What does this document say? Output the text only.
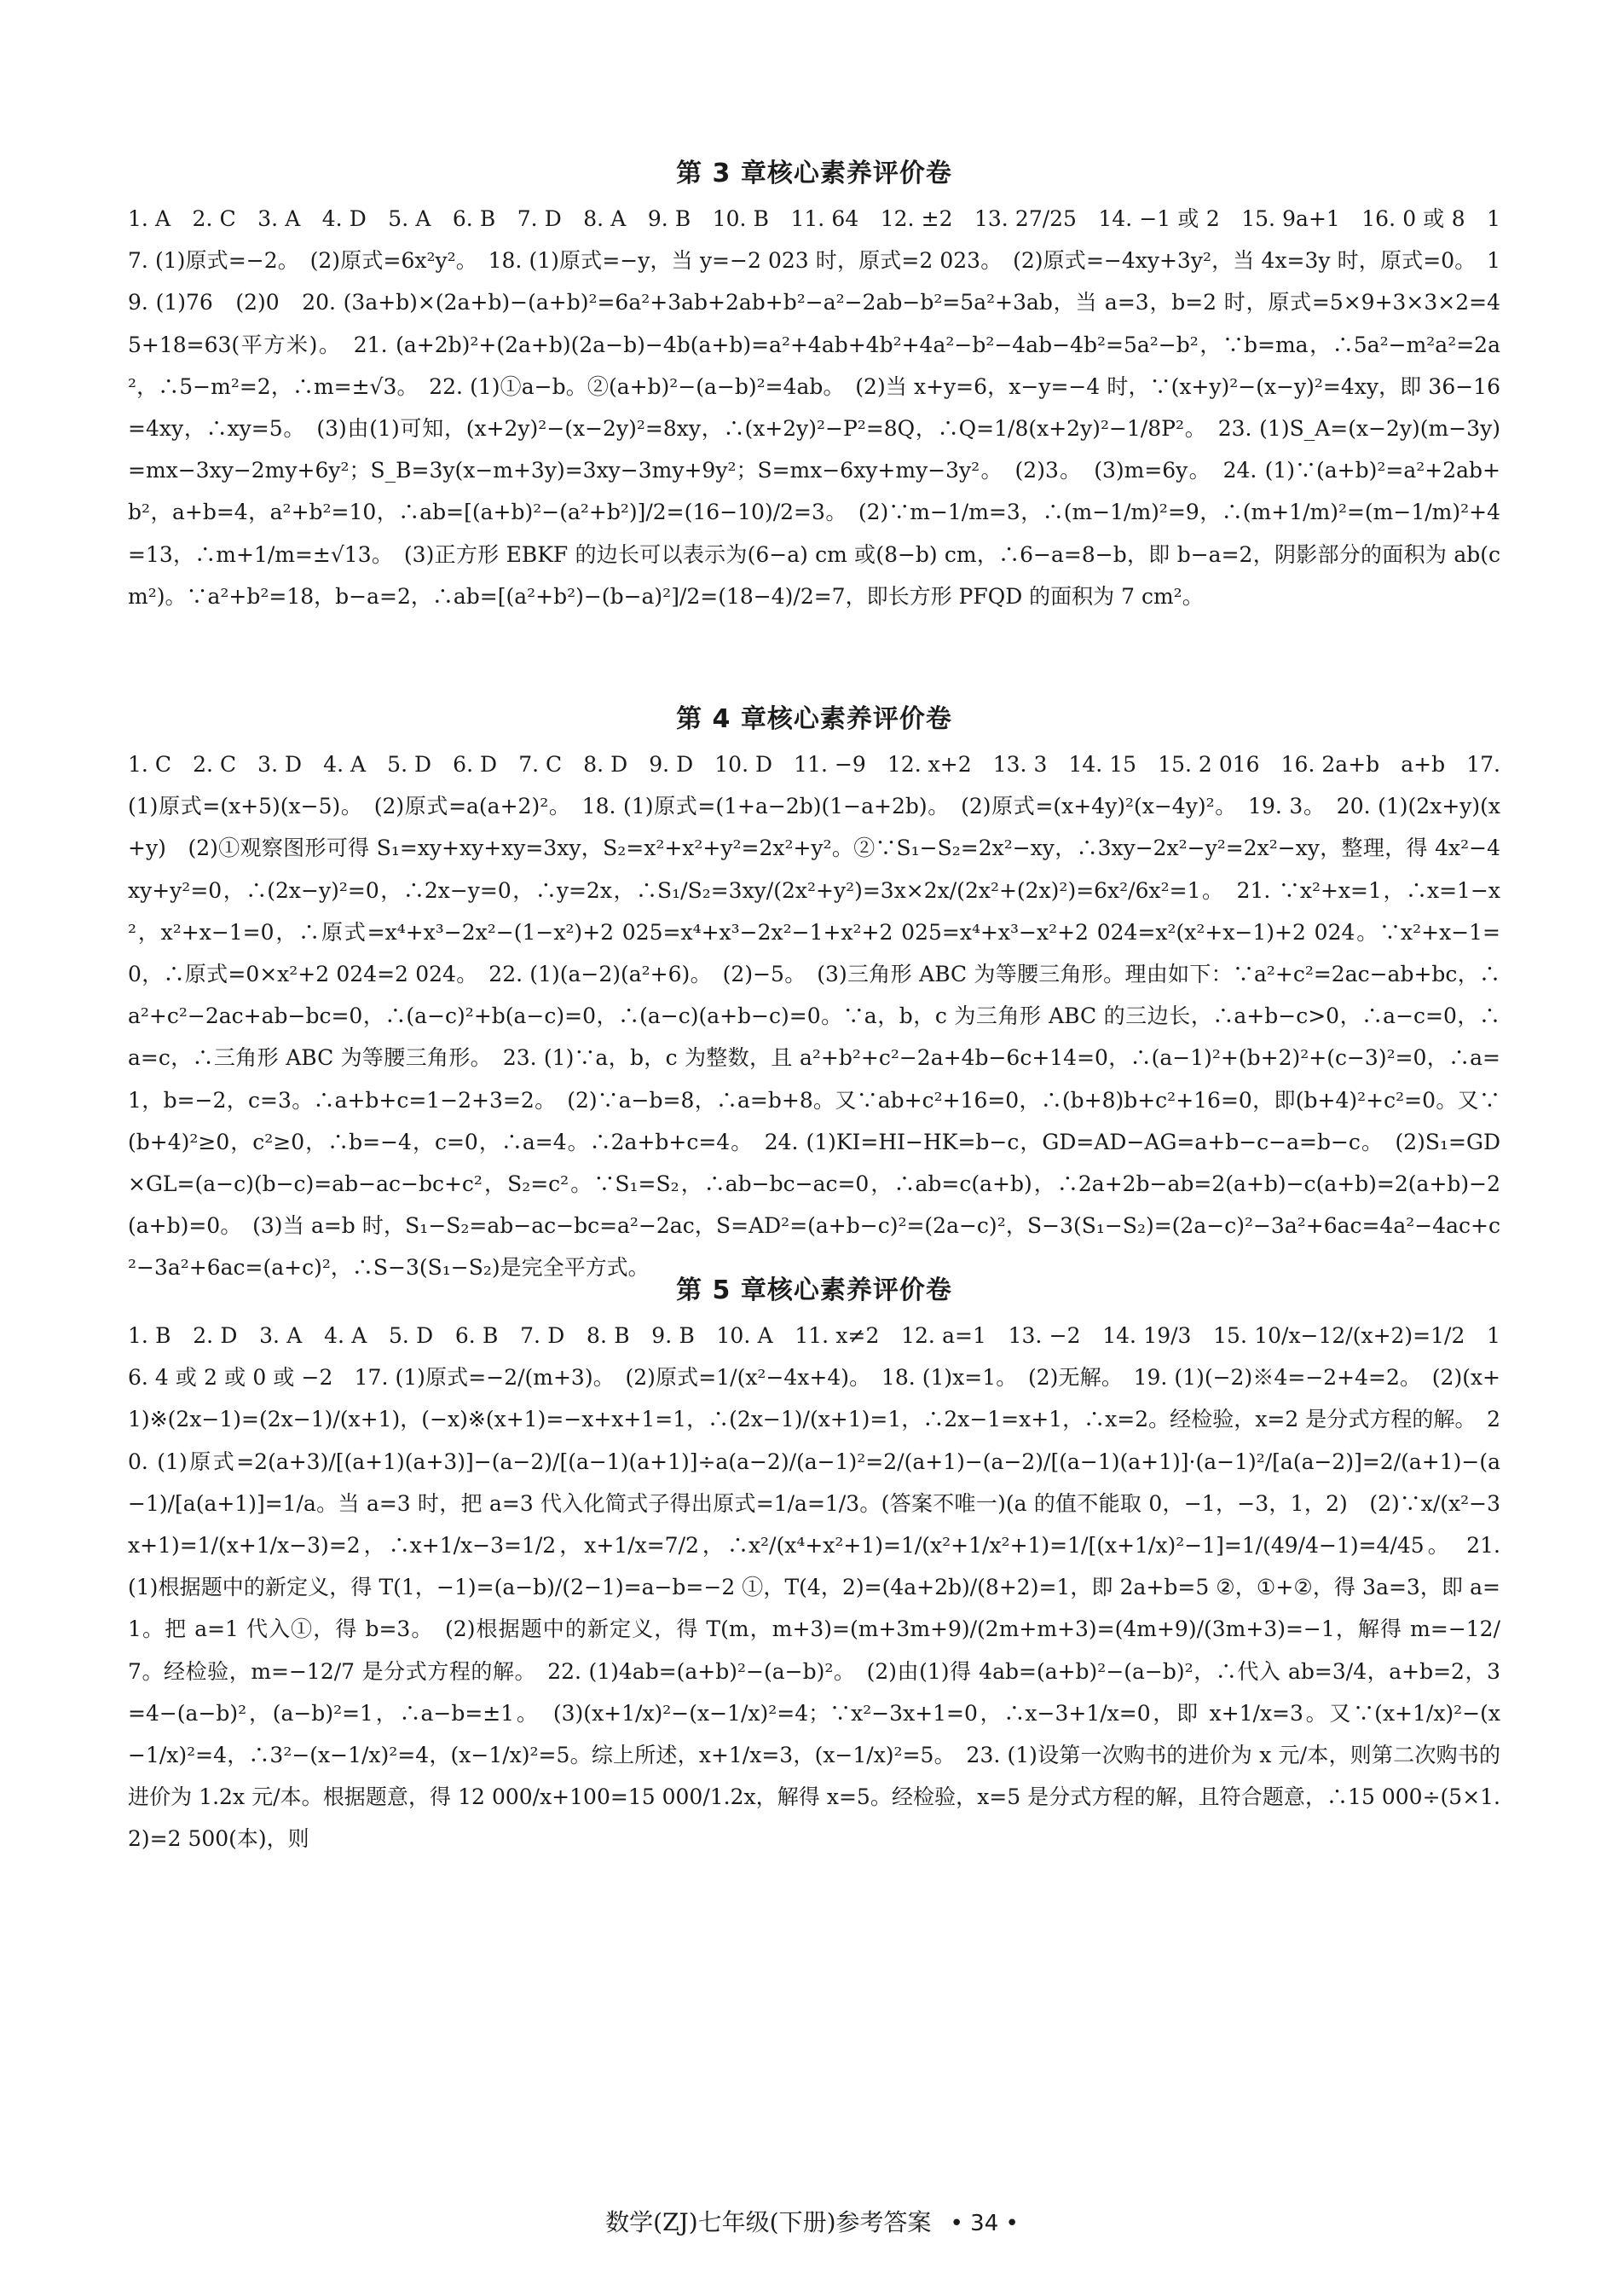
第 3 章核心素养评价卷

1. A　2. C　3. A　4. D　5. A　6. B　7. D　8. A　9. B　10. B　11. 64　12. ±2　13. 27/25　14. −1 或 2　15. 9a+1　16. 0 或 8　17. (1)原式=−2。　(2)原式=6x²y²。　18. (1)原式=−y，当 y=−2 023 时，原式=2 023。　(2)原式=−4xy+3y²，当 4x=3y 时，原式=0。　19. (1)76　(2)0　20. (3a+b)×(2a+b)−(a+b)²=6a²+3ab+2ab+b²−a²−2ab−b²=5a²+3ab，当 a=3，b=2 时，原式=5×9+3×3×2=45+18=63(平方米)。　21. (a+2b)²+(2a+b)(2a−b)−4b(a+b)=a²+4ab+4b²+4a²−b²−4ab−4b²=5a²−b²，∵b=ma，∴5a²−m²a²=2a²，∴5−m²=2，∴m=±√3。　22. (1)①a−b。②(a+b)²−(a−b)²=4ab。　(2)当 x+y=6，x−y=−4 时，∵(x+y)²−(x−y)²=4xy，即 36−16=4xy，∴xy=5。　(3)由(1)可知，(x+2y)²−(x−2y)²=8xy，∴(x+2y)²−P²=8Q，∴Q=1/8(x+2y)²−1/8P²。　23. (1)S_A=(x−2y)(m−3y)=mx−3xy−2my+6y²；S_B=3y(x−m+3y)=3xy−3my+9y²；S=mx−6xy+my−3y²。　(2)3。　(3)m=6y。　24. (1)∵(a+b)²=a²+2ab+b²，a+b=4，a²+b²=10，∴ab=[(a+b)²−(a²+b²)]/2=(16−10)/2=3。　(2)∵m−1/m=3，∴(m−1/m)²=9，∴(m+1/m)²=(m−1/m)²+4=13，∴m+1/m=±√13。　(3)正方形 EBKF 的边长可以表示为(6−a) cm 或(8−b) cm，∴6−a=8−b，即 b−a=2，阴影部分的面积为 ab(cm²)。∵a²+b²=18，b−a=2，∴ab=[(a²+b²)−(b−a)²]/2=(18−4)/2=7，即长方形 PFQD 的面积为 7 cm²。

第 4 章核心素养评价卷

1. C　2. C　3. D　4. A　5. D　6. D　7. C　8. D　9. D　10. D　11. −9　12. x+2　13. 3　14. 15　15. 2 016　16. 2a+b　a+b　17. (1)原式=(x+5)(x−5)。　(2)原式=a(a+2)²。　18. (1)原式=(1+a−2b)(1−a+2b)。　(2)原式=(x+4y)²(x−4y)²。　19. 3。　20. (1)(2x+y)(x+y)　(2)①观察图形可得 S₁=xy+xy+xy=3xy，S₂=x²+x²+y²=2x²+y²。②∵S₁−S₂=2x²−xy，∴3xy−2x²−y²=2x²−xy，整理，得 4x²−4xy+y²=0，∴(2x−y)²=0，∴2x−y=0，∴y=2x，∴S₁/S₂=3xy/(2x²+y²)=3x×2x/(2x²+(2x)²)=6x²/6x²=1。　21. ∵x²+x=1，∴x=1−x²，x²+x−1=0，∴原式=x⁴+x³−2x²−(1−x²)+2 025=x⁴+x³−2x²−1+x²+2 025=x⁴+x³−x²+2 024=x²(x²+x−1)+2 024。∵x²+x−1=0，∴原式=0×x²+2 024=2 024。　22. (1)(a−2)(a²+6)。　(2)−5。　(3)三角形 ABC 为等腰三角形。理由如下：∵a²+c²=2ac−ab+bc，∴a²+c²−2ac+ab−bc=0，∴(a−c)²+b(a−c)=0，∴(a−c)(a+b−c)=0。∵a，b，c 为三角形 ABC 的三边长，∴a+b−c>0，∴a−c=0，∴a=c，∴三角形 ABC 为等腰三角形。　23. (1)∵a，b，c 为整数，且 a²+b²+c²−2a+4b−6c+14=0，∴(a−1)²+(b+2)²+(c−3)²=0，∴a=1，b=−2，c=3。∴a+b+c=1−2+3=2。　(2)∵a−b=8，∴a=b+8。又∵ab+c²+16=0，∴(b+8)b+c²+16=0，即(b+4)²+c²=0。又∵(b+4)²≥0，c²≥0，∴b=−4，c=0，∴a=4。∴2a+b+c=4。　24. (1)KI=HI−HK=b−c，GD=AD−AG=a+b−c−a=b−c。　(2)S₁=GD×GL=(a−c)(b−c)=ab−ac−bc+c²，S₂=c²。∵S₁=S₂，∴ab−bc−ac=0，∴ab=c(a+b)，∴2a+2b−ab=2(a+b)−c(a+b)=2(a+b)−2(a+b)=0。　(3)当 a=b 时，S₁−S₂=ab−ac−bc=a²−2ac，S=AD²=(a+b−c)²=(2a−c)²，S−3(S₁−S₂)=(2a−c)²−3a²+6ac=4a²−4ac+c²−3a²+6ac=(a+c)²，∴S−3(S₁−S₂)是完全平方式。

第 5 章核心素养评价卷

1. B　2. D　3. A　4. A　5. D　6. B　7. D　8. B　9. B　10. A　11. x≠2　12. a=1　13. −2　14. 19/3　15. 10/x−12/(x+2)=1/2　16. 4 或 2 或 0 或 −2　17. (1)原式=−2/(m+3)。　(2)原式=1/(x²−4x+4)。　18. (1)x=1。　(2)无解。　19. (1)(−2)※4=−2+4=2。　(2)(x+1)※(2x−1)=(2x−1)/(x+1)，(−x)※(x+1)=−x+x+1=1，∴(2x−1)/(x+1)=1，∴2x−1=x+1，∴x=2。经检验，x=2 是分式方程的解。　20. (1)原式=2(a+3)/[(a+1)(a+3)]−(a−2)/[(a−1)(a+1)]÷a(a−2)/(a−1)²=2/(a+1)−(a−2)/[(a−1)(a+1)]·(a−1)²/[a(a−2)]=2/(a+1)−(a−1)/[a(a+1)]=1/a。当 a=3 时，把 a=3 代入化简式子得出原式=1/a=1/3。(答案不唯一)(a 的值不能取 0，−1，−3，1，2)　(2)∵x/(x²−3x+1)=1/(x+1/x−3)=2，∴x+1/x−3=1/2，x+1/x=7/2，∴x²/(x⁴+x²+1)=1/(x²+1/x²+1)=1/[(x+1/x)²−1]=1/(49/4−1)=4/45。　21. (1)根据题中的新定义，得 T(1，−1)=(a−b)/(2−1)=a−b=−2 ①，T(4，2)=(4a+2b)/(8+2)=1，即 2a+b=5 ②，①+②，得 3a=3，即 a=1。把 a=1 代入①，得 b=3。　(2)根据题中的新定义，得 T(m，m+3)=(m+3m+9)/(2m+m+3)=(4m+9)/(3m+3)=−1，解得 m=−12/7。经检验，m=−12/7 是分式方程的解。　22. (1)4ab=(a+b)²−(a−b)²。　(2)由(1)得 4ab=(a+b)²−(a−b)²，∴代入 ab=3/4，a+b=2，3=4−(a−b)²，(a−b)²=1，∴a−b=±1。　(3)(x+1/x)²−(x−1/x)²=4；∵x²−3x+1=0，∴x−3+1/x=0，即 x+1/x=3。又∵(x+1/x)²−(x−1/x)²=4，∴3²−(x−1/x)²=4，(x−1/x)²=5。综上所述，x+1/x=3，(x−1/x)²=5。　23. (1)设第一次购书的进价为 x 元/本，则第二次购书的进价为 1.2x 元/本。根据题意，得 12 000/x+100=15 000/1.2x，解得 x=5。经检验，x=5 是分式方程的解，且符合题意，∴15 000÷(5×1.2)=2 500(本)，则

数学(ZJ)七年级(下册)参考答案 • 34 •
